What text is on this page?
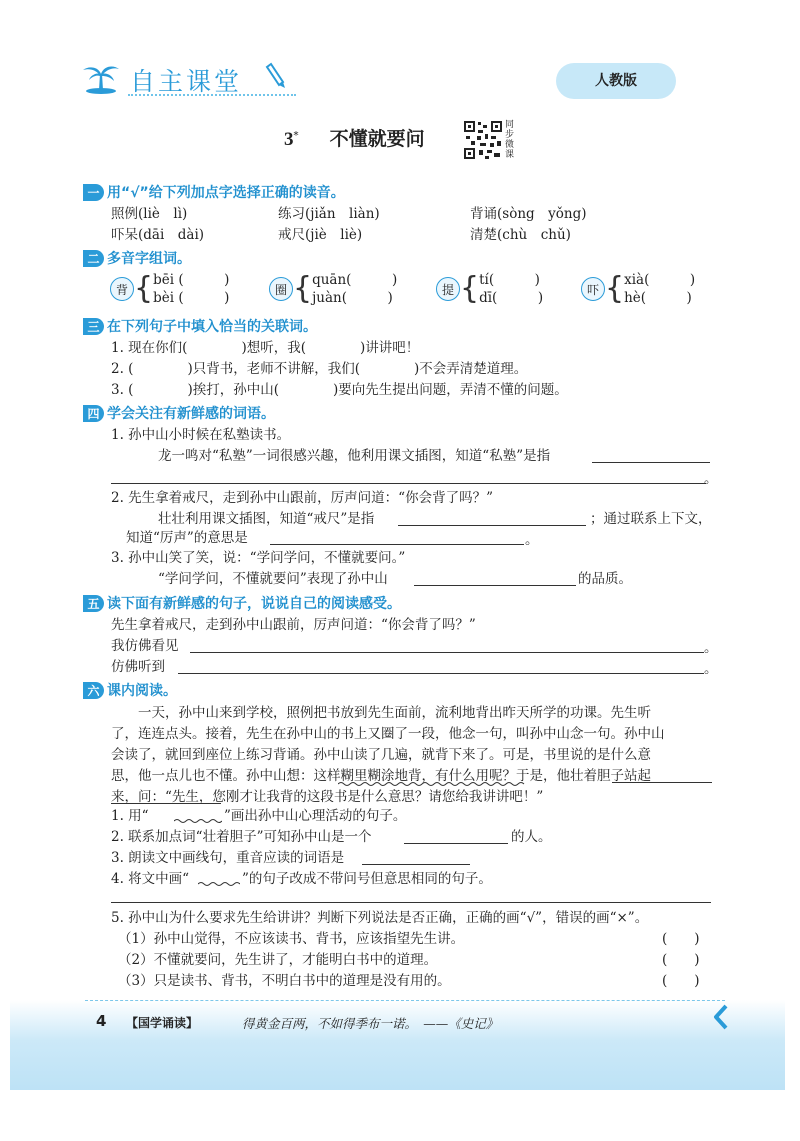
自主课堂	人教版
3* 不懂就要问
同步微课
一 用“√”给下列加点字选择正确的读音。
照例(liè　lì)	练习(jiǎn　liàn)	背诵(sòng　yǒng)
吓呆(dāi　dài)	戒尺(jiè　liè)	清楚(chù　chǔ)
二 多音字组词。
背 { bēi (　　　)
bèi (　　　)
圈 { quān(　　　)
juàn(　　　)
提 { tí(　　　)
dī(　　　)
吓 { xià(　　　)
hè(　　　)
三 在下列句子中填入恰当的关联词。
1. 现在你们(　　　　)想听，我(　　　　)讲讲吧！
2. (　　　　)只背书，老师不讲解，我们(　　　　)不会弄清楚道理。
3. (　　　　)挨打，孙中山(　　　　)要向先生提出问题，弄清不懂的问题。
四 学会关注有新鲜感的词语。
1. 孙中山小时候在私塾读书。
龙一鸣对“私塾”一词很感兴趣，他利用课文插图，知道“私塾”是指
。
2. 先生拿着戒尺，走到孙中山跟前，厉声问道：“你会背了吗？”
壮壮利用课文插图，知道“戒尺”是指	；通过联系上下文，
知道“厉声”的意思是	。
3. 孙中山笑了笑，说：“学问学问，不懂就要问。”
“学问学问，不懂就要问”表现了孙中山	的品质。
五 读下面有新鲜感的句子，说说自己的阅读感受。
先生拿着戒尺，走到孙中山跟前，厉声问道：“你会背了吗？”
我仿佛看见	。
仿佛听到	。
六 课内阅读。
　　一天，孙中山来到学校，照例把书放到先生面前，流利地背出昨天所学的功课。先生听
了，连连点头。接着，先生在孙中山的书上又圈了一段，他念一句，叫孙中山念一句。孙中山
会读了，就回到座位上练习背诵。孙中山读了几遍，就背下来了。可是，书里说的是什么意
思，他一点儿也不懂。孙中山想：这样糊里糊涂地背，有什么用呢？于是，他壮着胆子站起
来，问：“先生，您刚才让我背的这段书是什么意思？请您给我讲讲吧！”
1. 用“	”画出孙中山心理活动的句子。
2. 联系加点词“壮着胆子”可知孙中山是一个	的人。
3. 朗读文中画线句，重音应读的词语是
4. 将文中画“	”的句子改成不带问号但意思相同的句子。
5. 孙中山为什么要求先生给讲讲？判断下列说法是否正确，正确的画“√”，错误的画“×”。
（1）孙中山觉得，不应该读书、背书，应该指望先生讲。	(　　)
（2）不懂就要问，先生讲了，才能明白书中的道理。	(　　)
（3）只是读书、背书，不明白书中的道理是没有用的。	(　　)
4 【国学诵读】	得黄金百两，不如得季布一诺。　——《史记》
